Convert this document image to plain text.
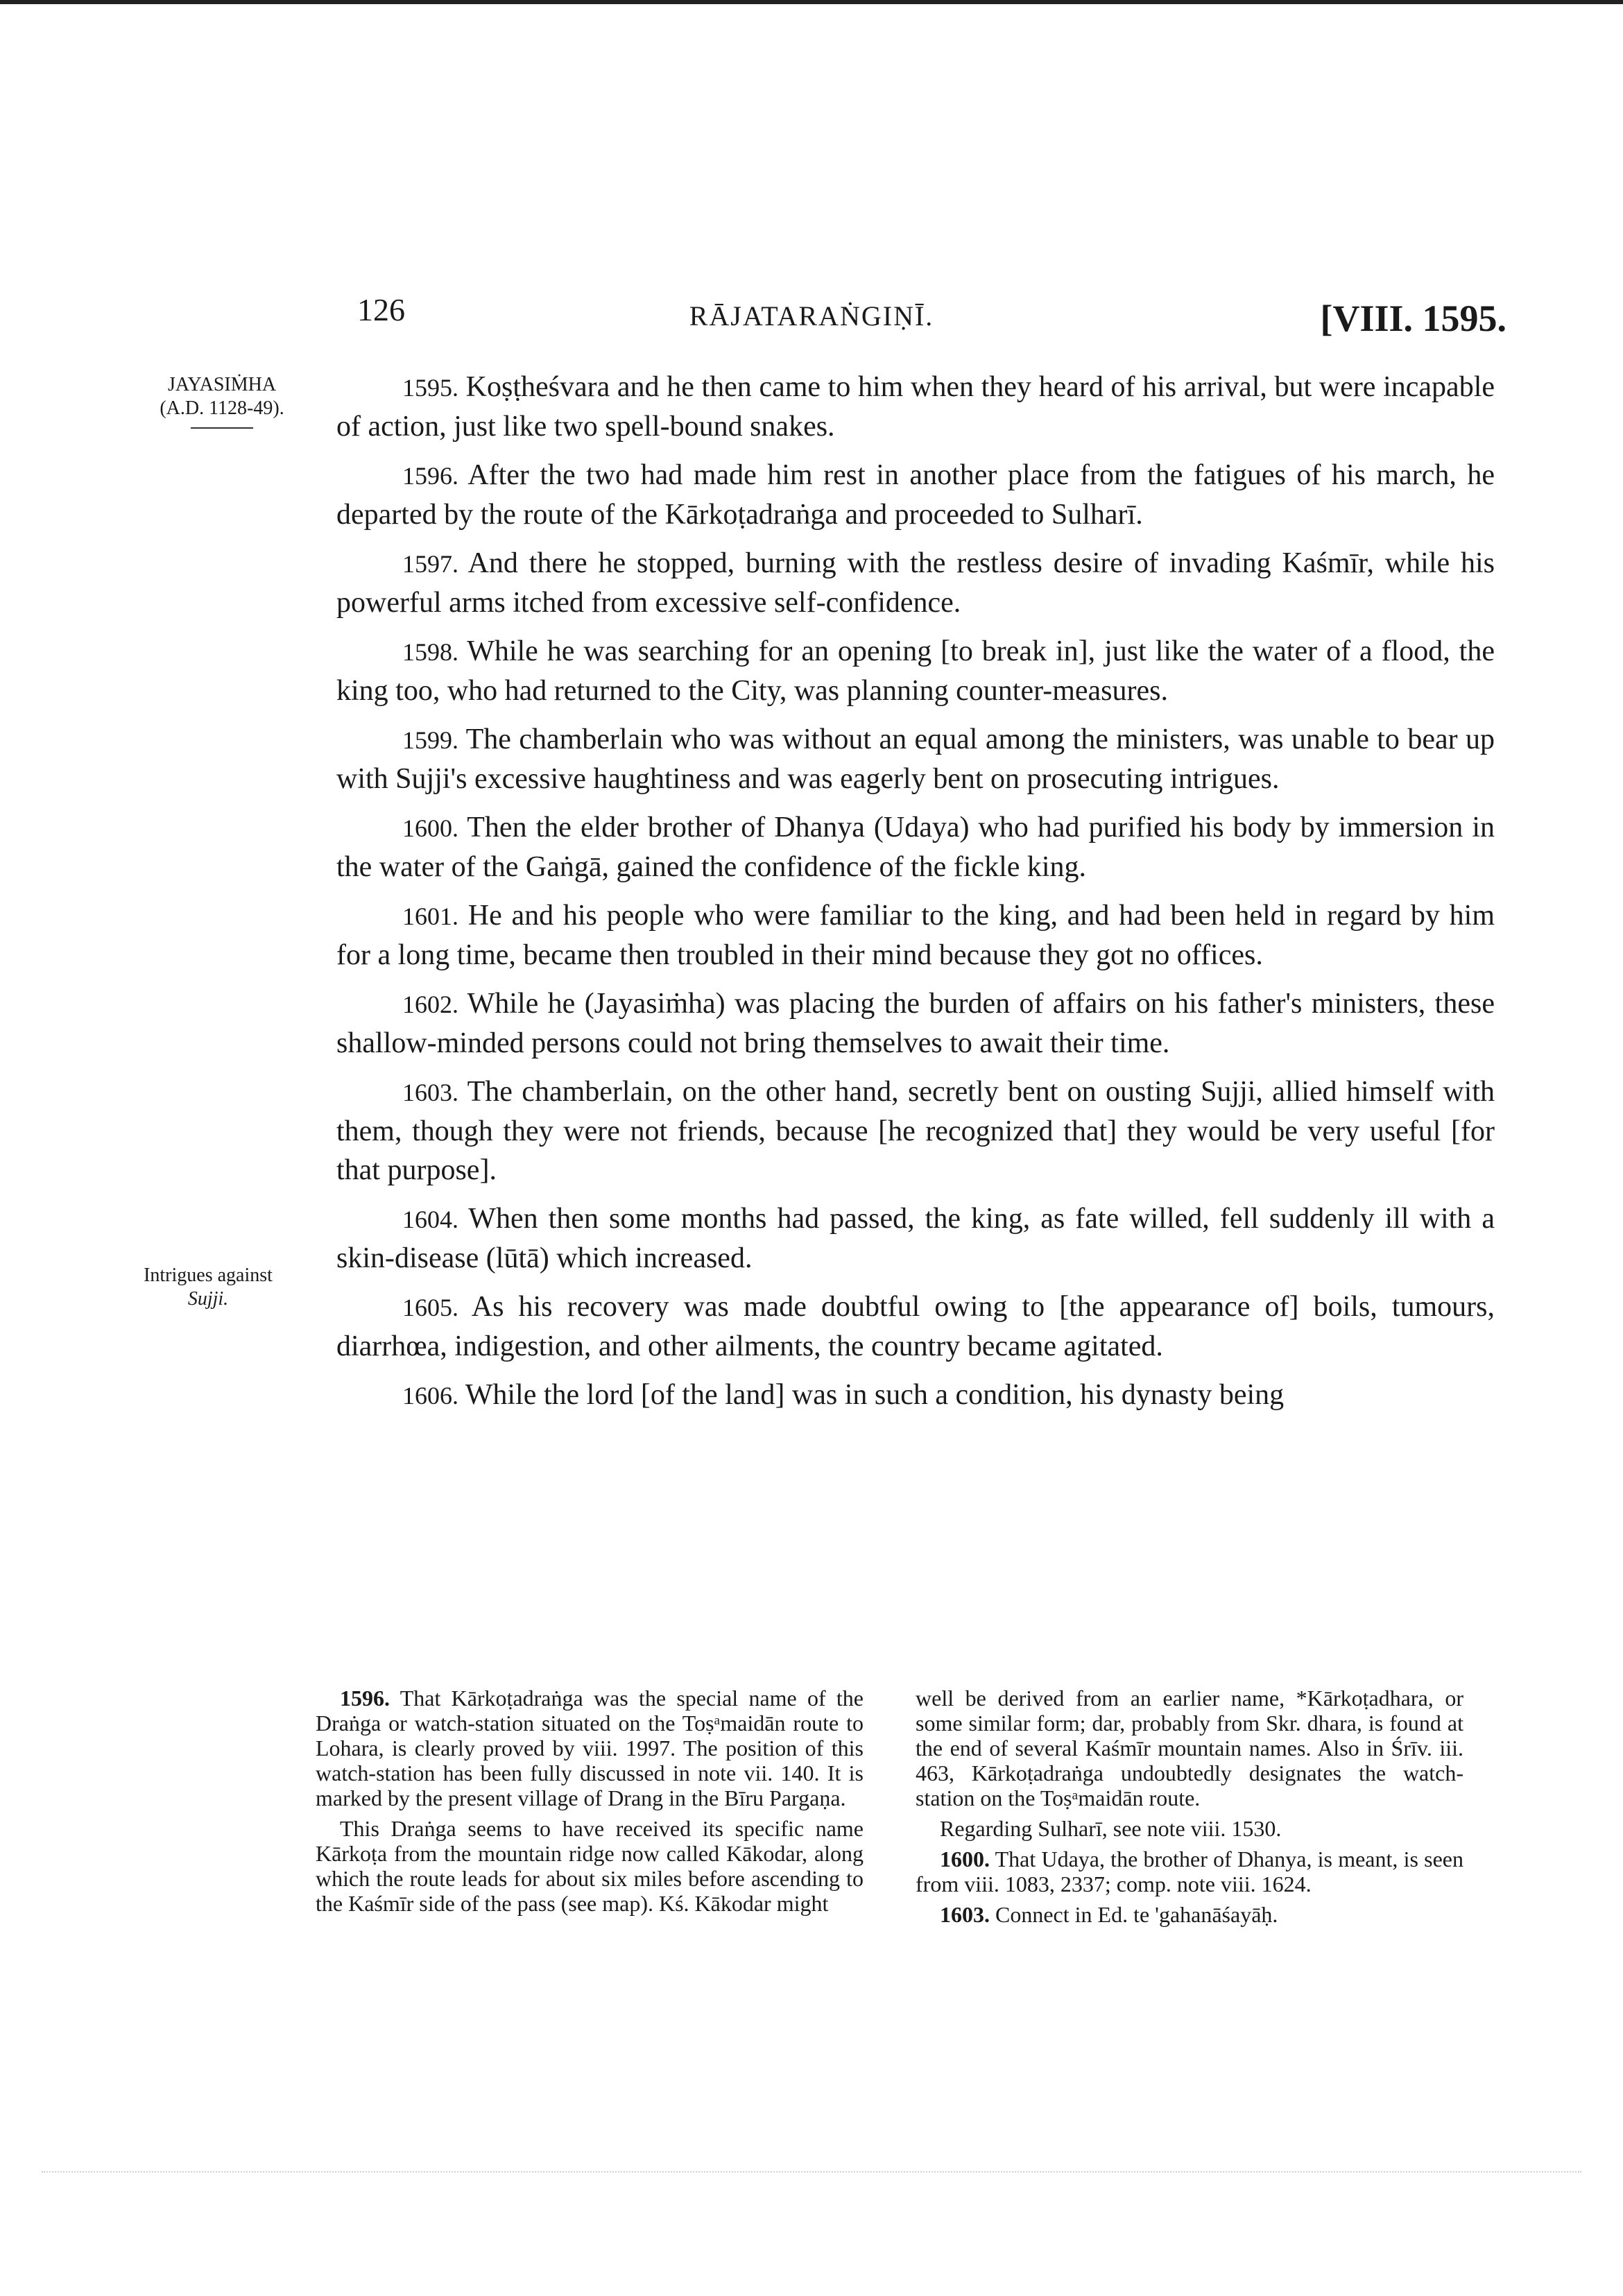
126	RĀJATARAṄGIṆĪ.	[VIII. 1595.
JAYASIṀHA
(A.D. 1128-49).
Intrigues against
Sujji.

1595. Koṣṭheśvara and he then came to him when they heard of his arrival, but were incapable of action, just like two spell-bound snakes.

1596. After the two had made him rest in another place from the fatigues of his march, he departed by the route of the Kārkoṭadraṅga and proceeded to Sulharī.

1597. And there he stopped, burning with the restless desire of invading Kaśmīr, while his powerful arms itched from excessive self-confidence.

1598. While he was searching for an opening [to break in], just like the water of a flood, the king too, who had returned to the City, was planning counter-measures.

1599. The chamberlain who was without an equal among the ministers, was unable to bear up with Sujji's excessive haughtiness and was eagerly bent on prosecuting intrigues.

1600. Then the elder brother of Dhanya (Udaya) who had purified his body by immersion in the water of the Gaṅgā, gained the confidence of the fickle king.

1601. He and his people who were familiar to the king, and had been held in regard by him for a long time, became then troubled in their mind because they got no offices.

1602. While he (Jayasiṁha) was placing the burden of affairs on his father's ministers, these shallow-minded persons could not bring themselves to await their time.

1603. The chamberlain, on the other hand, secretly bent on ousting Sujji, allied himself with them, though they were not friends, because [he recognized that] they would be very useful [for that purpose].

1604. When then some months had passed, the king, as fate willed, fell suddenly ill with a skin-disease (lūtā) which increased.

1605. As his recovery was made doubtful owing to [the appearance of] boils, tumours, diarrhœa, indigestion, and other ailments, the country became agitated.

1606. While the lord [of the land] was in such a condition, his dynasty being

1596. That Kārkoṭadraṅga was the special name of the Draṅga or watch-station situated on the Toṣᵃmaidān route to Lohara, is clearly proved by viii. 1997. The position of this watch-station has been fully discussed in note vii. 140. It is marked by the present village of Drang in the Bīru Pargaṇa.

This Draṅga seems to have received its specific name Kārkoṭa from the mountain ridge now called Kākodar, along which the route leads for about six miles before ascending to the Kaśmīr side of the pass (see map). Kś. Kākodar might

well be derived from an earlier name, *Kārkoṭadhara, or some similar form; dar, probably from Skr. dhara, is found at the end of several Kaśmīr mountain names. Also in Śrīv. iii. 463, Kārkoṭadraṅga undoubtedly designates the watch-station on the Toṣᵃmaidān route.

Regarding Sulharī, see note viii. 1530.

1600. That Udaya, the brother of Dhanya, is meant, is seen from viii. 1083, 2337; comp. note viii. 1624.

1603. Connect in Ed. te 'gahanāśayāḥ.
